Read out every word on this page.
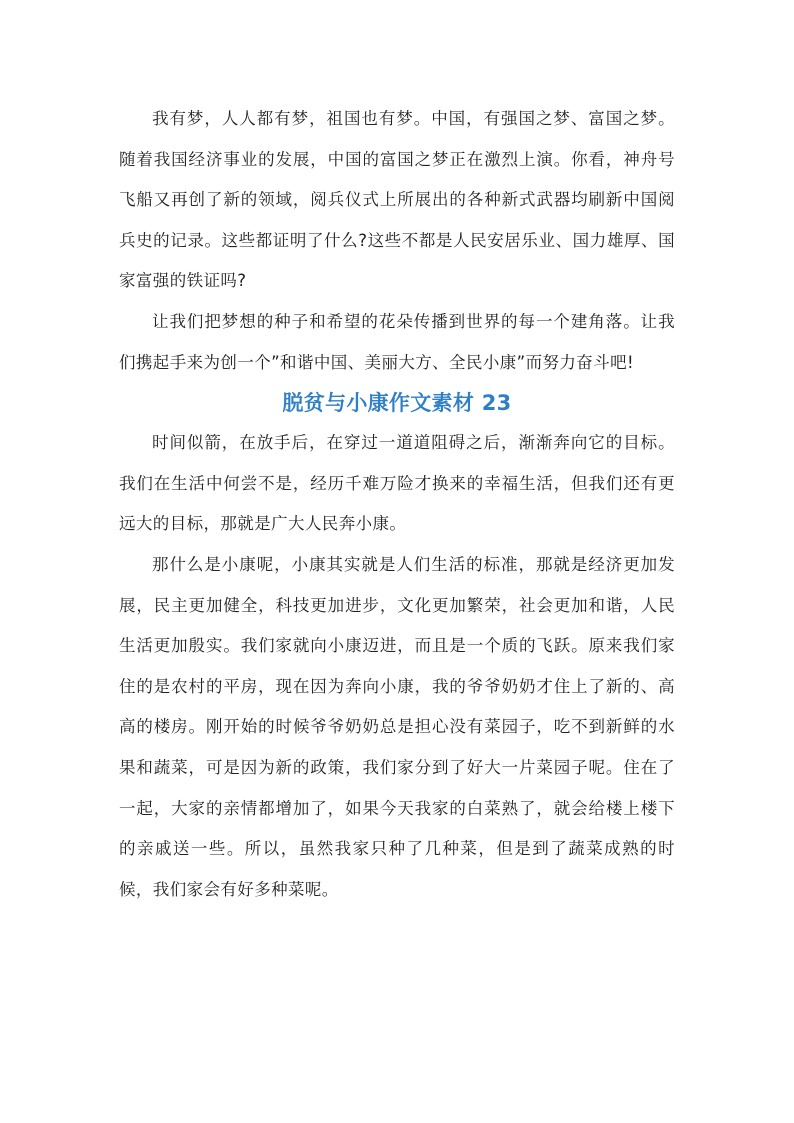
我有梦，人人都有梦，祖国也有梦。中国，有强国之梦、富国之梦。随着我国经济事业的发展，中国的富国之梦正在激烈上演。你看，神舟号飞船又再创了新的领域，阅兵仪式上所展出的各种新式武器均刷新中国阅兵史的记录。这些都证明了什么?这些不都是人民安居乐业、国力雄厚、国家富强的铁证吗?

让我们把梦想的种子和希望的花朵传播到世界的每一个建角落。让我们携起手来为创一个”和谐中国、美丽大方、全民小康”而努力奋斗吧!

脱贫与小康作文素材 23

时间似箭，在放手后，在穿过一道道阻碍之后，渐渐奔向它的目标。我们在生活中何尝不是，经历千难万险才换来的幸福生活，但我们还有更远大的目标，那就是广大人民奔小康。

那什么是小康呢，小康其实就是人们生活的标准，那就是经济更加发展，民主更加健全，科技更加进步，文化更加繁荣，社会更加和谐，人民生活更加殷实。我们家就向小康迈进，而且是一个质的飞跃。原来我们家住的是农村的平房，现在因为奔向小康，我的爷爷奶奶才住上了新的、高高的楼房。刚开始的时候爷爷奶奶总是担心没有菜园子，吃不到新鲜的水果和蔬菜，可是因为新的政策，我们家分到了好大一片菜园子呢。住在了一起，大家的亲情都增加了，如果今天我家的白菜熟了，就会给楼上楼下的亲戚送一些。所以，虽然我家只种了几种菜，但是到了蔬菜成熟的时候，我们家会有好多种菜呢。
